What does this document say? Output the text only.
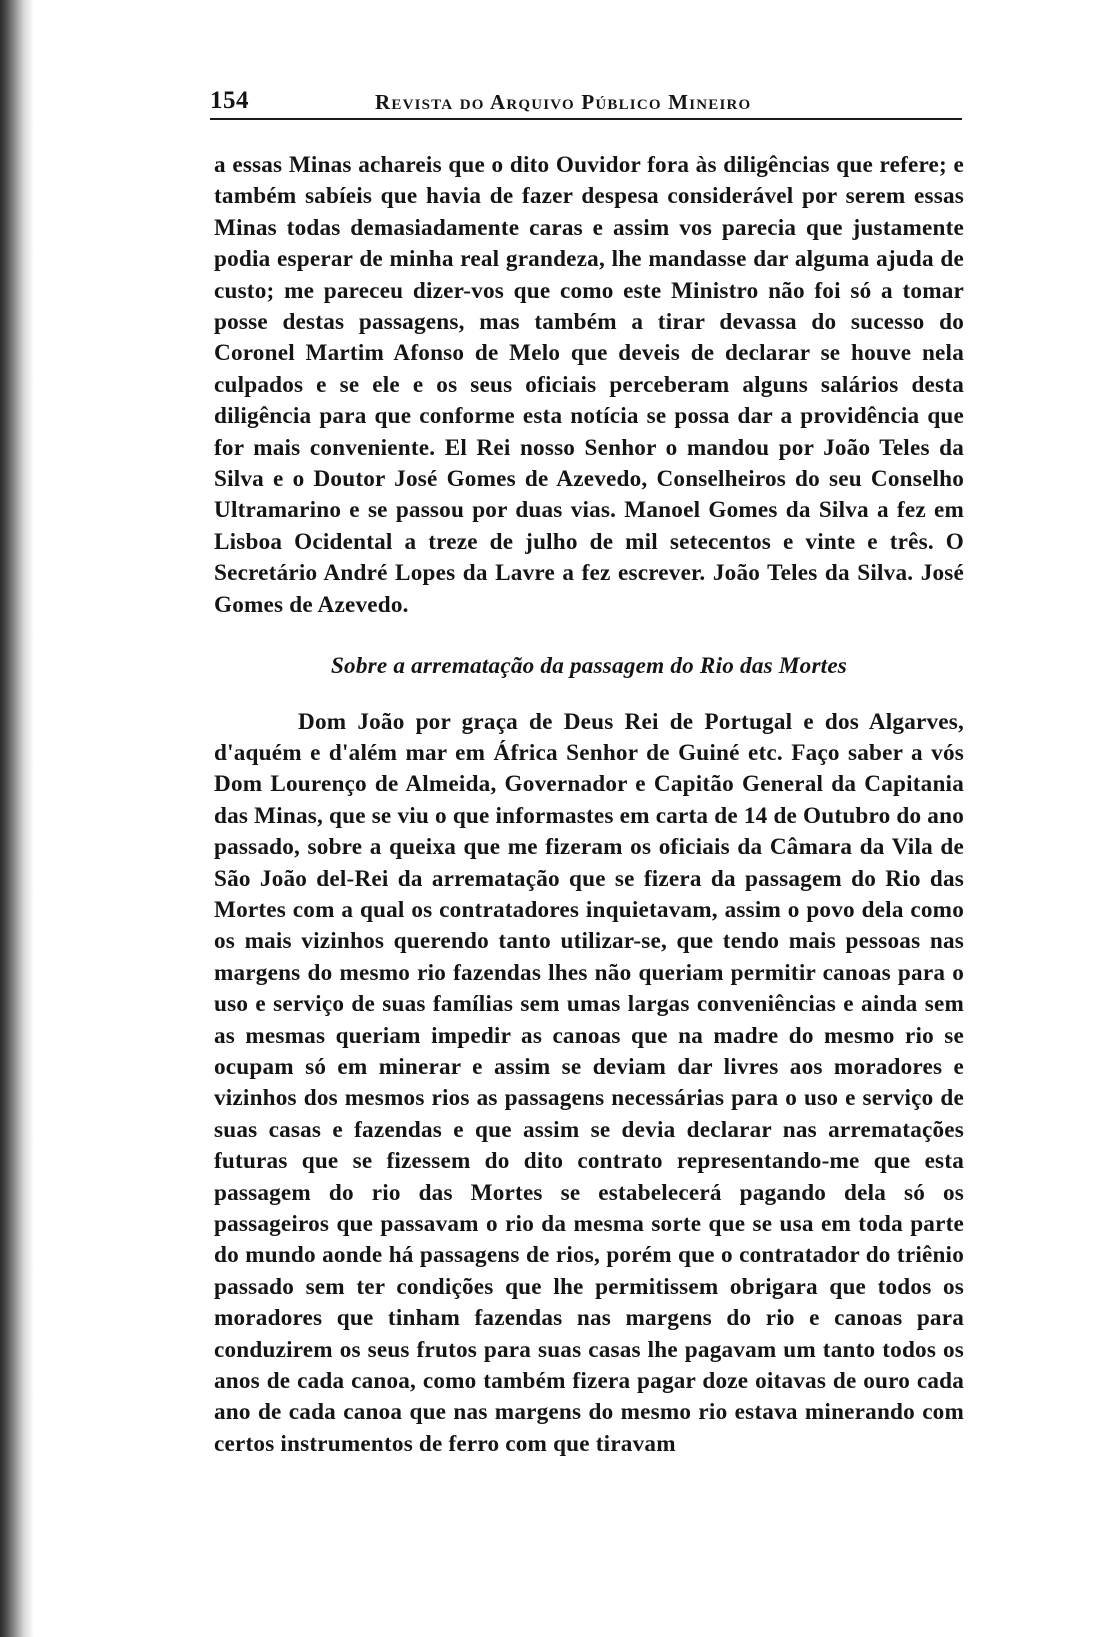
154	Revista do Arquivo Público Mineiro

a essas Minas achareis que o dito Ouvidor fora às diligências que refere; e também sabíeis que havia de fazer despesa considerável por serem essas Minas todas demasiadamente caras e assim vos parecia que justamente podia esperar de minha real grandeza, lhe mandasse dar alguma ajuda de custo; me pareceu dizer-vos que como este Ministro não foi só a tomar posse destas passagens, mas também a tirar devassa do sucesso do Coronel Martim Afonso de Melo que deveis de declarar se houve nela culpados e se ele e os seus oficiais perceberam alguns salários desta diligência para que conforme esta notícia se possa dar a providência que for mais conveniente. El Rei nosso Senhor o mandou por João Teles da Silva e o Doutor José Gomes de Azevedo, Conselheiros do seu Conselho Ultramarino e se passou por duas vias. Manoel Gomes da Silva a fez em Lisboa Ocidental a treze de julho de mil setecentos e vinte e três. O Secretário André Lopes da Lavre a fez escrever. João Teles da Silva. José Gomes de Azevedo.

Sobre a arrematação da passagem do Rio das Mortes

Dom João por graça de Deus Rei de Portugal e dos Algarves, d'aquém e d'além mar em África Senhor de Guiné etc. Faço saber a vós Dom Lourenço de Almeida, Governador e Capitão General da Capitania das Minas, que se viu o que informastes em carta de 14 de Outubro do ano passado, sobre a queixa que me fizeram os oficiais da Câmara da Vila de São João del-Rei da arrematação que se fizera da passagem do Rio das Mortes com a qual os contratadores inquietavam, assim o povo dela como os mais vizinhos querendo tanto utilizar-se, que tendo mais pessoas nas margens do mesmo rio fazendas lhes não queriam permitir canoas para o uso e serviço de suas famílias sem umas largas conveniências e ainda sem as mesmas queriam impedir as canoas que na madre do mesmo rio se ocupam só em minerar e assim se deviam dar livres aos moradores e vizinhos dos mesmos rios as passagens necessárias para o uso e serviço de suas casas e fazendas e que assim se devia declarar nas arrematações futuras que se fizessem do dito contrato representando-me que esta passagem do rio das Mortes se estabelecerá pagando dela só os passageiros que passavam o rio da mesma sorte que se usa em toda parte do mundo aonde há passagens de rios, porém que o contratador do triênio passado sem ter condições que lhe permitissem obrigara que todos os moradores que tinham fazendas nas margens do rio e canoas para conduzirem os seus frutos para suas casas lhe pagavam um tanto todos os anos de cada canoa, como também fizera pagar doze oitavas de ouro cada ano de cada canoa que nas margens do mesmo rio estava minerando com certos instrumentos de ferro com que tiravam
